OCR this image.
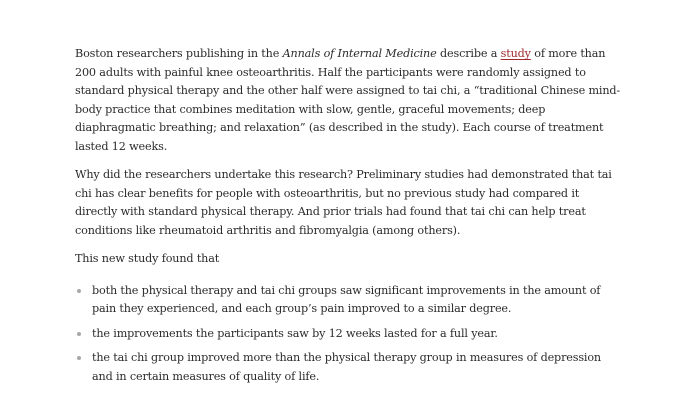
Boston researchers publishing in the Annals of Internal Medicine describe a study of more than 200 adults with painful knee osteoarthritis. Half the participants were randomly assigned to standard physical therapy and the other half were assigned to tai chi, a “traditional Chinese mind-body practice that combines meditation with slow, gentle, graceful movements; deep diaphragmatic breathing; and relaxation” (as described in the study). Each course of treatment lasted 12 weeks.

Why did the researchers undertake this research? Preliminary studies had demonstrated that tai chi has clear benefits for people with osteoarthritis, but no previous study had compared it directly with standard physical therapy. And prior trials had found that tai chi can help treat conditions like rheumatoid arthritis and fibromyalgia (among others).

This new study found that

both the physical therapy and tai chi groups saw significant improvements in the amount of pain they experienced, and each group’s pain improved to a similar degree.
the improvements the participants saw by 12 weeks lasted for a full year.
the tai chi group improved more than the physical therapy group in measures of depression and in certain measures of quality of life.
